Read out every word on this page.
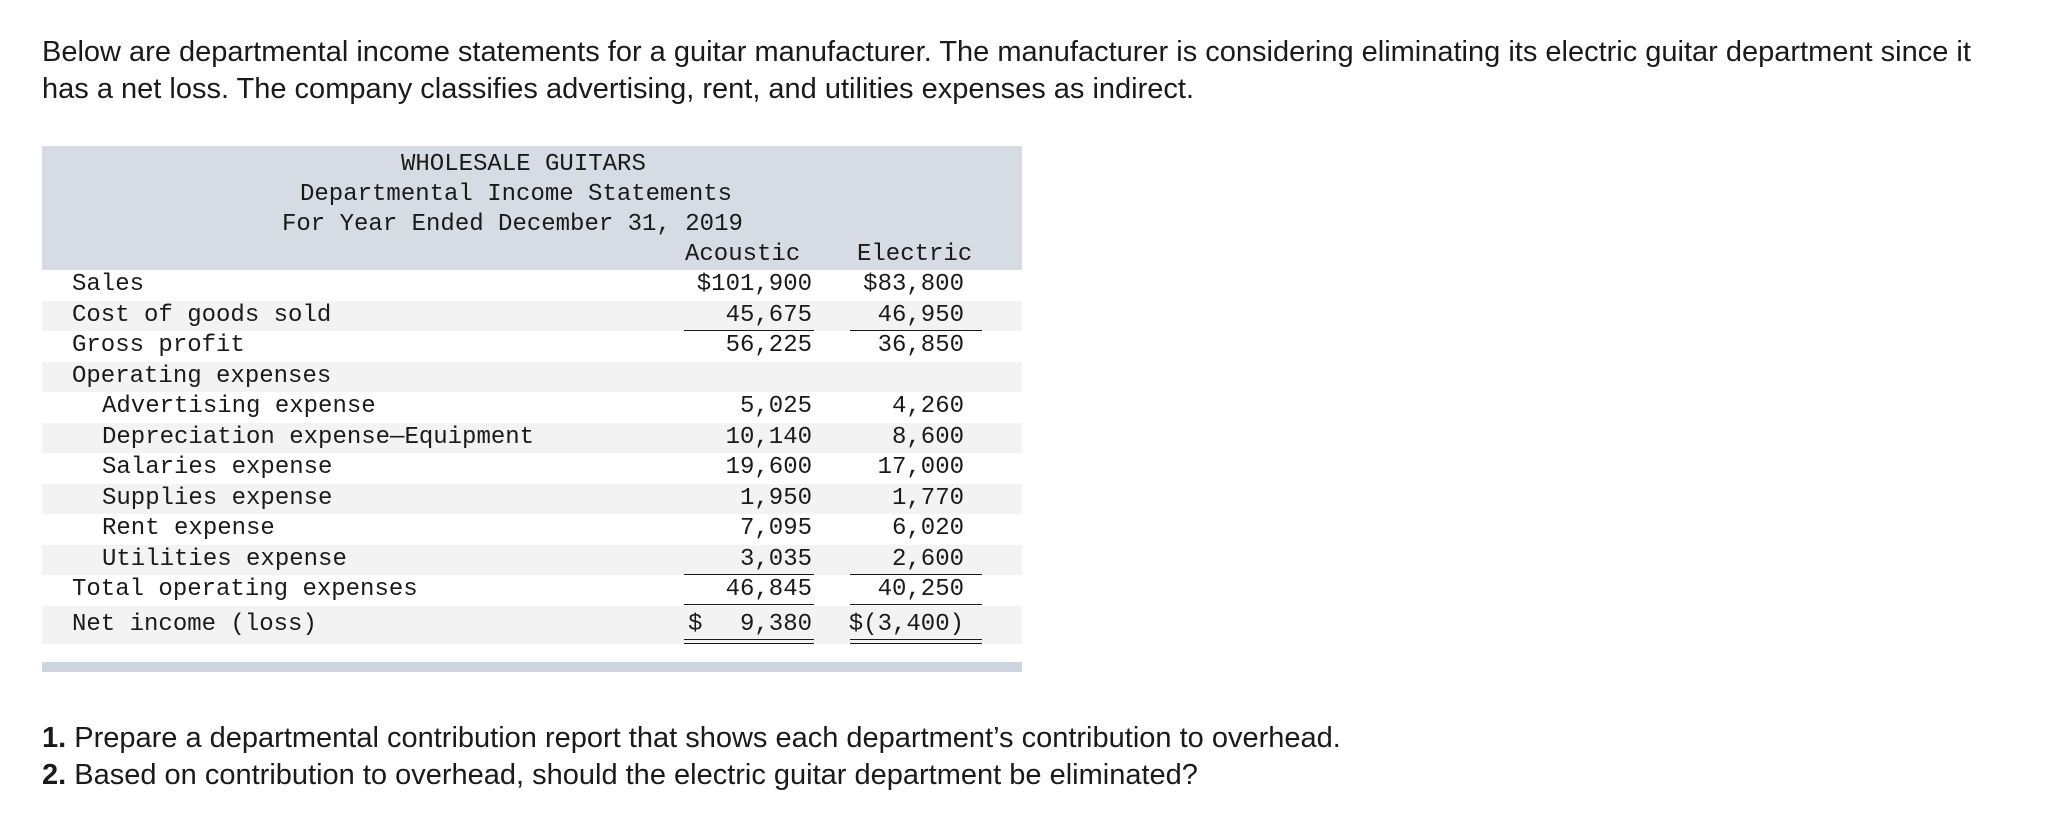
Below are departmental income statements for a guitar manufacturer. The manufacturer is considering eliminating its electric guitar department since it has a net loss. The company classifies advertising, rent, and utilities expenses as indirect.

WHOLESALE GUITARS
Departmental Income Statements
For Year Ended December 31, 2019
Acoustic Electric
Sales	$101,900	$83,800
Cost of goods sold	45,675	46,950
Gross profit	56,225	36,850
Operating expenses
Advertising expense	5,025	4,260
Depreciation expense—Equipment	10,140	8,600
Salaries expense	19,600	17,000
Supplies expense	1,950	1,770
Rent expense	7,095	6,020
Utilities expense	3,035	2,600
Total operating expenses	46,845	40,250
Net income (loss)	$	9,380	$(3,400)

1. Prepare a departmental contribution report that shows each department’s contribution to overhead.

2. Based on contribution to overhead, should the electric guitar department be eliminated?
